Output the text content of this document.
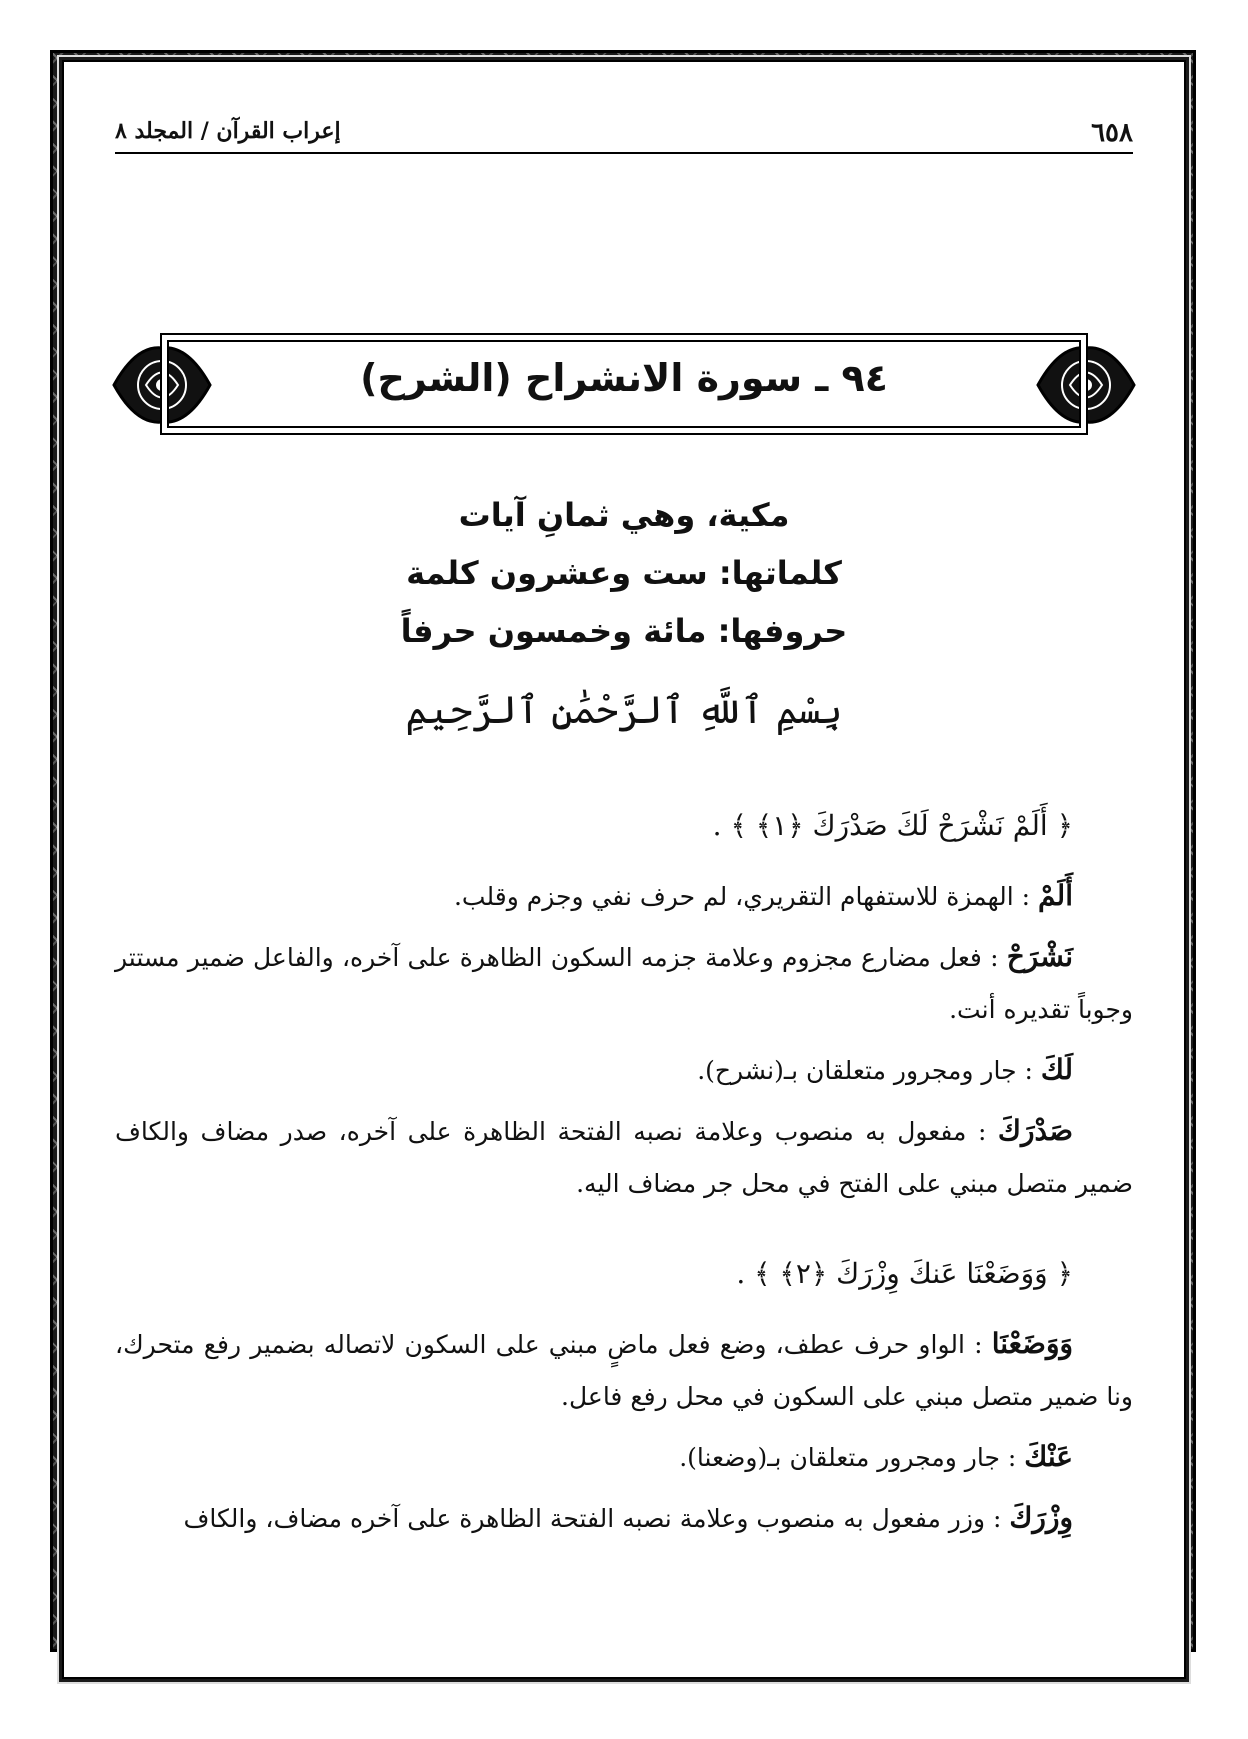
٦٥٨
إعراب القرآن / المجلد ٨
٩٤ ـ سورة الانشراح (الشرح)
مكية، وهي ثمانِ آيات
كلماتها: ست وعشرون كلمة
حروفها: مائة وخمسون حرفاً
بِسْمِ ٱللَّهِ ٱلرَّحْمَٰنِ ٱلرَّحِيمِ

﴿ أَلَمْ نَشْرَحْ لَكَ صَدْرَكَ ﴿١﴾ ﴾ .

أَلَمْ : الهمزة للاستفهام التقريري، لم حرف نفي وجزم وقلب.

نَشْرَحْ : فعل مضارع مجزوم وعلامة جزمه السكون الظاهرة على آخره، والفاعل ضمير مستتر وجوباً تقديره أنت.

لَكَ : جار ومجرور متعلقان بـ(نشرح).

صَدْرَكَ : مفعول به منصوب وعلامة نصبه الفتحة الظاهرة على آخره، صدر مضاف والكاف ضمير متصل مبني على الفتح في محل جر مضاف اليه.

﴿ وَوَضَعْنَا عَنكَ وِزْرَكَ ﴿٢﴾ ﴾ .

وَوَضَعْنَا : الواو حرف عطف، وضع فعل ماضٍ مبني على السكون لاتصاله بضمير رفع متحرك، ونا ضمير متصل مبني على السكون في محل رفع فاعل.

عَنْكَ : جار ومجرور متعلقان بـ(وضعنا).

وِزْرَكَ : وزر مفعول به منصوب وعلامة نصبه الفتحة الظاهرة على آخره مضاف، والكاف
